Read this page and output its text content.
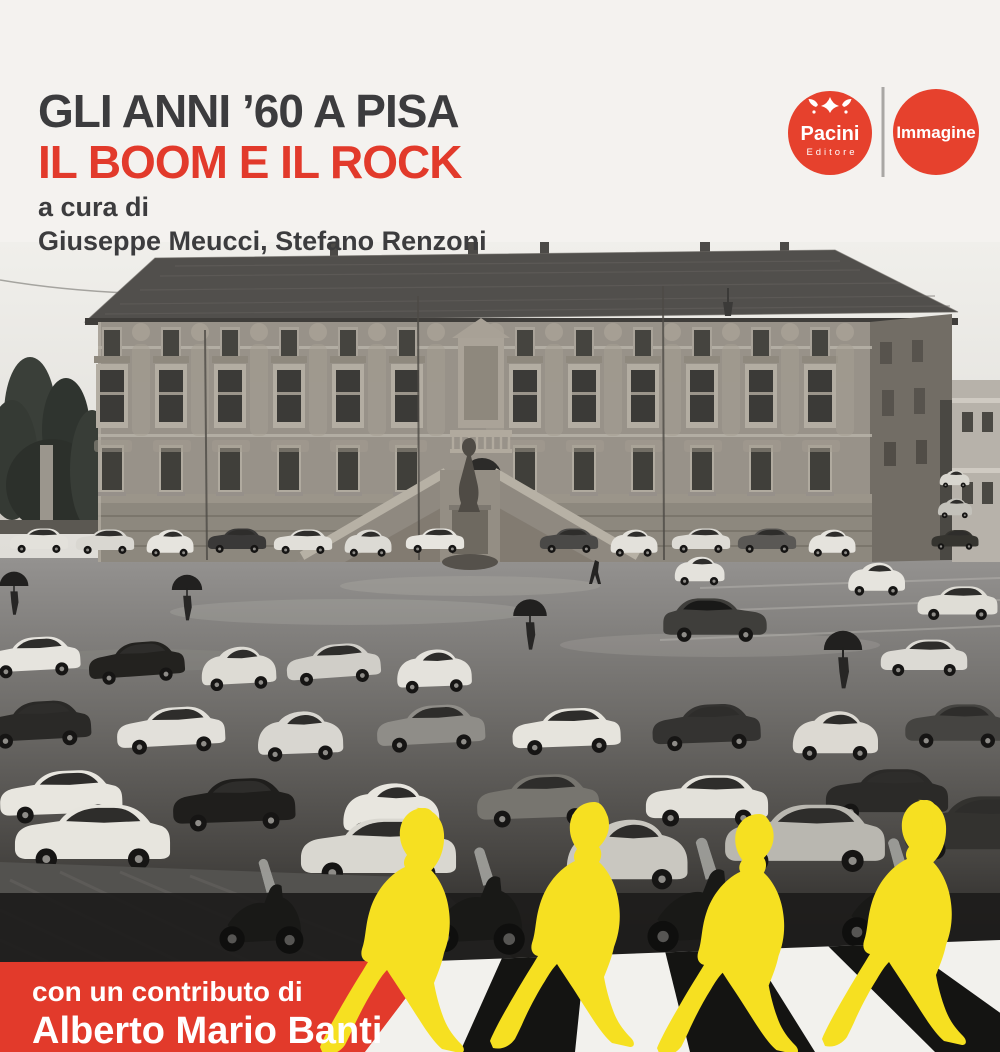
GLI ANNI ’60 A PISA
IL BOOM E IL ROCK

a cura di

Giuseppe Meucci, Stefano Renzoni

Pacini
Editore
Immagine

con un contributo di

Alberto Mario Banti
